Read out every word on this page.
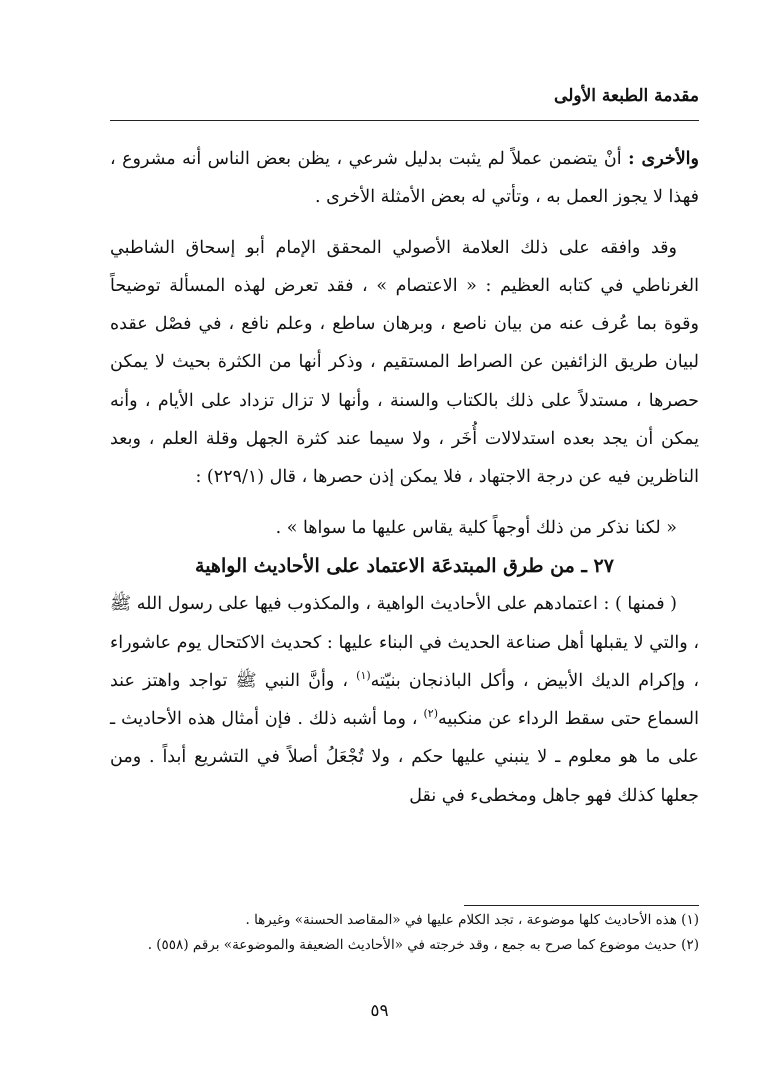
مقدمة الطبعة الأولى

والأخرى : أنْ يتضمن عملاً لم يثبت بدليل شرعي ، يظن بعض الناس أنه مشروع ، فهذا لا يجوز العمل به ، وتأتي له بعض الأمثلة الأخرى .

وقد وافقه على ذلك العلامة الأصولي المحقق الإمام أبو إسحاق الشاطبي الغرناطي في كتابه العظيم : « الاعتصام » ، فقد تعرض لهذه المسألة توضيحاً وقوة بما عُرف عنه من بيان ناصع ، وبرهان ساطع ، وعلم نافع ، في فصْل عقده لبيان طريق الزائفين عن الصراط المستقيم ، وذكر أنها من الكثرة بحيث لا يمكن حصرها ، مستدلاً على ذلك بالكتاب والسنة ، وأنها لا تزال تزداد على الأيام ، وأنه يمكن أن يجد بعده استدلالات أُخَر ، ولا سيما عند كثرة الجهل وقلة العلم ، وبعد الناظرين فيه عن درجة الاجتهاد ، فلا يمكن إذن حصرها ، قال (٢٢٩/١) :

« لكنا نذكر من ذلك أوجهاً كلية يقاس عليها ما سواها » .

٢٧ ـ من طرق المبتدعَة الاعتماد على الأحاديث الواهية

( فمنها ) : اعتمادهم على الأحاديث الواهية ، والمكذوب فيها على رسول الله ﷺ ، والتي لا يقبلها أهل صناعة الحديث في البناء عليها : كحديث الاكتحال يوم عاشوراء ، وإكرام الديك الأبيض ، وأكل الباذنجان بنيّته$^{(١)}$ ، وأنَّ النبي ﷺ تواجد واهتز عند السماع حتى سقط الرداء عن منكبيه$^{(٢)}$ ، وما أشبه ذلك . فإن أمثال هذه الأحاديث ـ على ما هو معلوم ـ لا ينبني عليها حكم ، ولا تُجْعَلُ أصلاً في التشريع أبداً . ومن جعلها كذلك فهو جاهل ومخطىء في نقل

(١) هذه الأحاديث كلها موضوعة ، تجد الكلام عليها في «المقاصد الحسنة» وغيرها .

(٢) حديث موضوع كما صرح به جمع ، وقد خرجته في «الأحاديث الضعيفة والموضوعة» برقم (٥٥٨) .

٥٩
